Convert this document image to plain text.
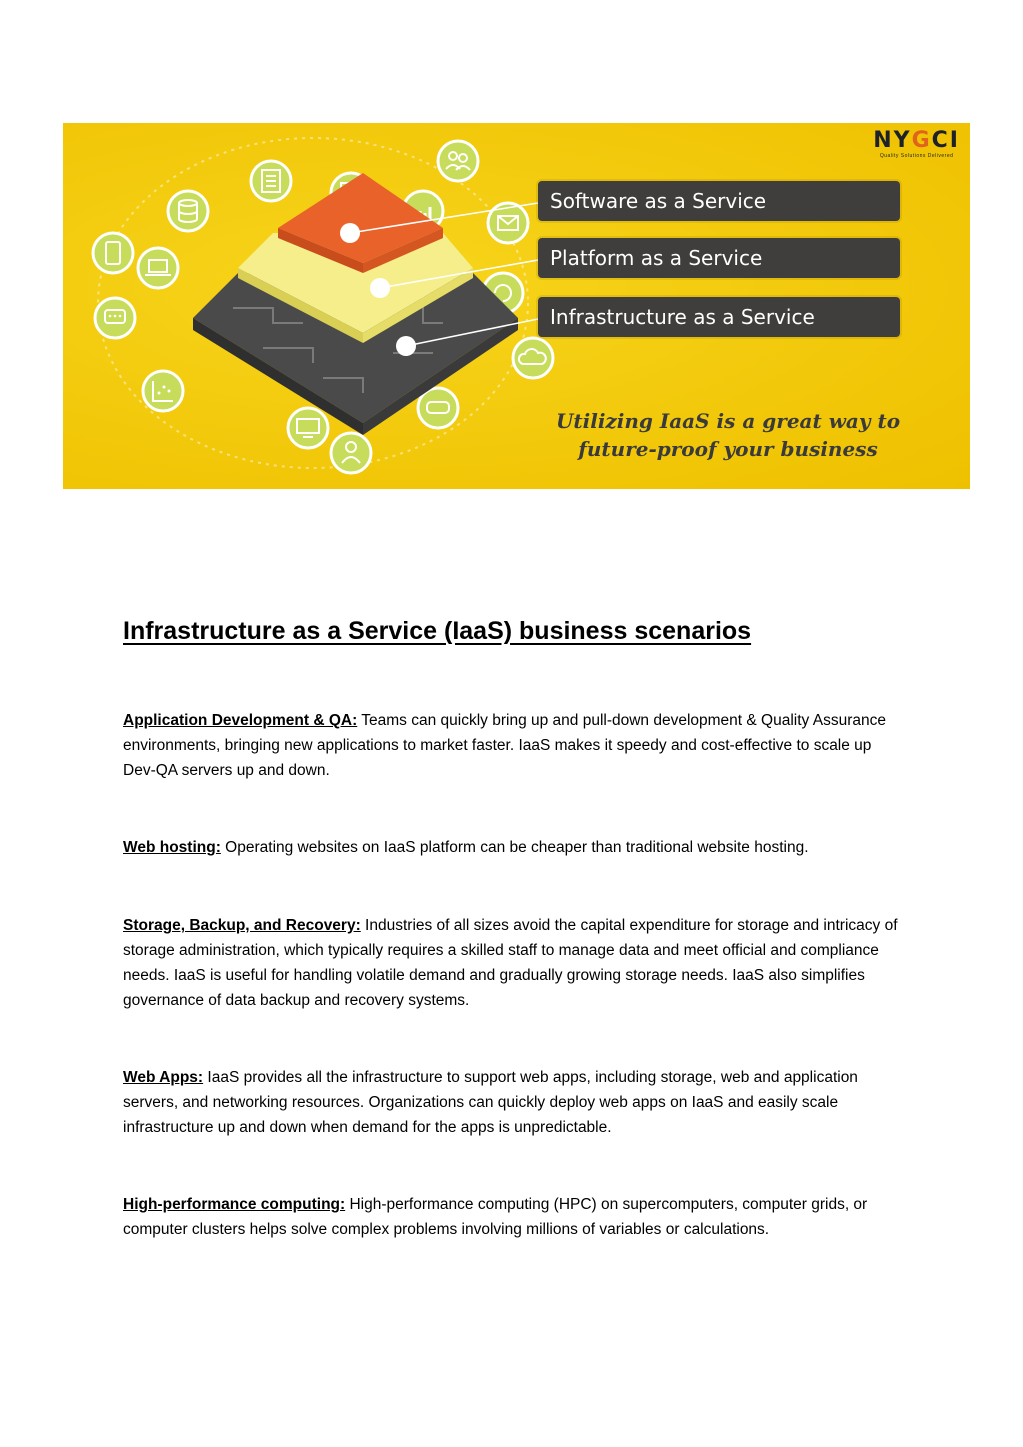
NYGCI
Quality Solutions Delivered
Software as a Service
Platform as a Service
Infrastructure as a Service
Utilizing IaaS is a great way to
future-proof your business
Infrastructure as a Service (IaaS) business scenarios

Application Development & QA: Teams can quickly bring up and pull-down development & Quality Assurance environments, bringing new applications to market faster. IaaS makes it speedy and cost-effective to scale up Dev-QA servers up and down.

Web hosting: Operating websites on IaaS platform can be cheaper than traditional website hosting.

Storage, Backup, and Recovery: Industries of all sizes avoid the capital expenditure for storage and intricacy of storage administration, which typically requires a skilled staff to manage data and meet official and compliance needs. IaaS is useful for handling volatile demand and gradually growing storage needs. IaaS also simplifies governance of data backup and recovery systems.

Web Apps: IaaS provides all the infrastructure to support web apps, including storage, web and application servers, and networking resources. Organizations can quickly deploy web apps on IaaS and easily scale infrastructure up and down when demand for the apps is unpredictable.

High-performance computing: High-performance computing (HPC) on supercomputers, computer grids, or computer clusters helps solve complex problems involving millions of variables or calculations.
